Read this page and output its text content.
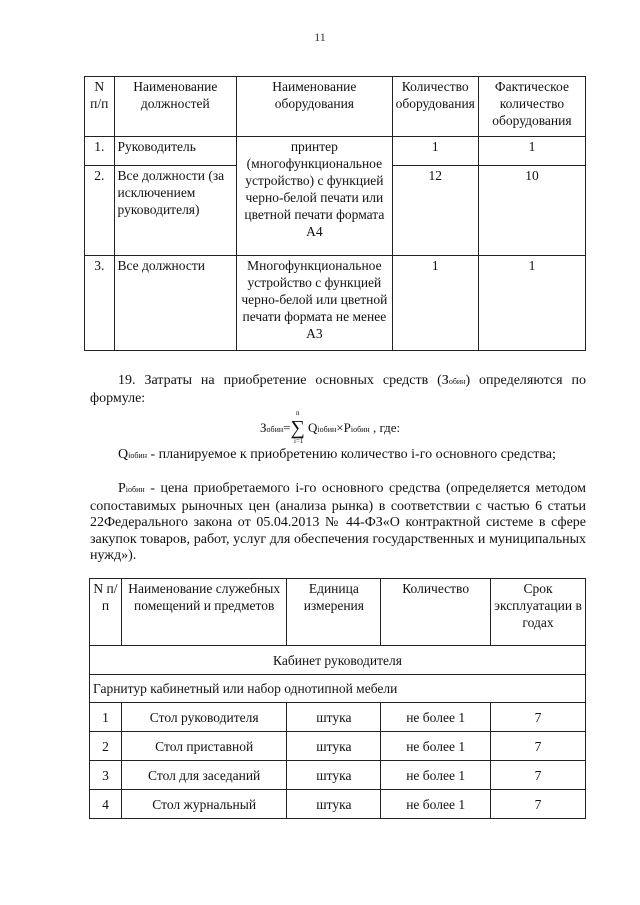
11
N п/п	Наименование должностей	Наименование оборудования	Количество оборудования	Фактическое количество оборудования
1.	Руководитель	принтер (многофункциональное устройство) с функцией черно-белой печати или цветной печати формата А4	1	1
2.	Все должности (за исключением руководителя)		12	10
3.	Все должности	Многофункциональное устройство с функцией черно-белой или цветной печати формата не менее А3	1	1
19. Затраты на приобретение основных средств (Зобин) определяются по формуле:
Зобин=∑
n
i=1
Qiобин×Piобин , где:
Qiобин - планируемое к приобретению количество i-го основного средства;
Piобин - цена приобретаемого i-го основного средства (определяется методом сопоставимых рыночных цен (анализа рынка) в соответствии с частью 6 статьи 22Федерального закона от 05.04.2013 № 44-ФЗ«О контрактной системе в сфере закупок товаров, работ, услуг для обеспечения государственных и муниципальных нужд»).
N п/п	Наименование служебных помещений и предметов	Единица измерения	Количество	Срок эксплуатации в годах
Кабинет руководителя				
Гарнитур кабинетный или набор однотипной мебели				
1	Стол руководителя	штука	не более 1	7
2	Стол приставной	штука	не более 1	7
3	Стол для заседаний	штука	не более 1	7
4	Стол журнальный	штука	не более 1	7
